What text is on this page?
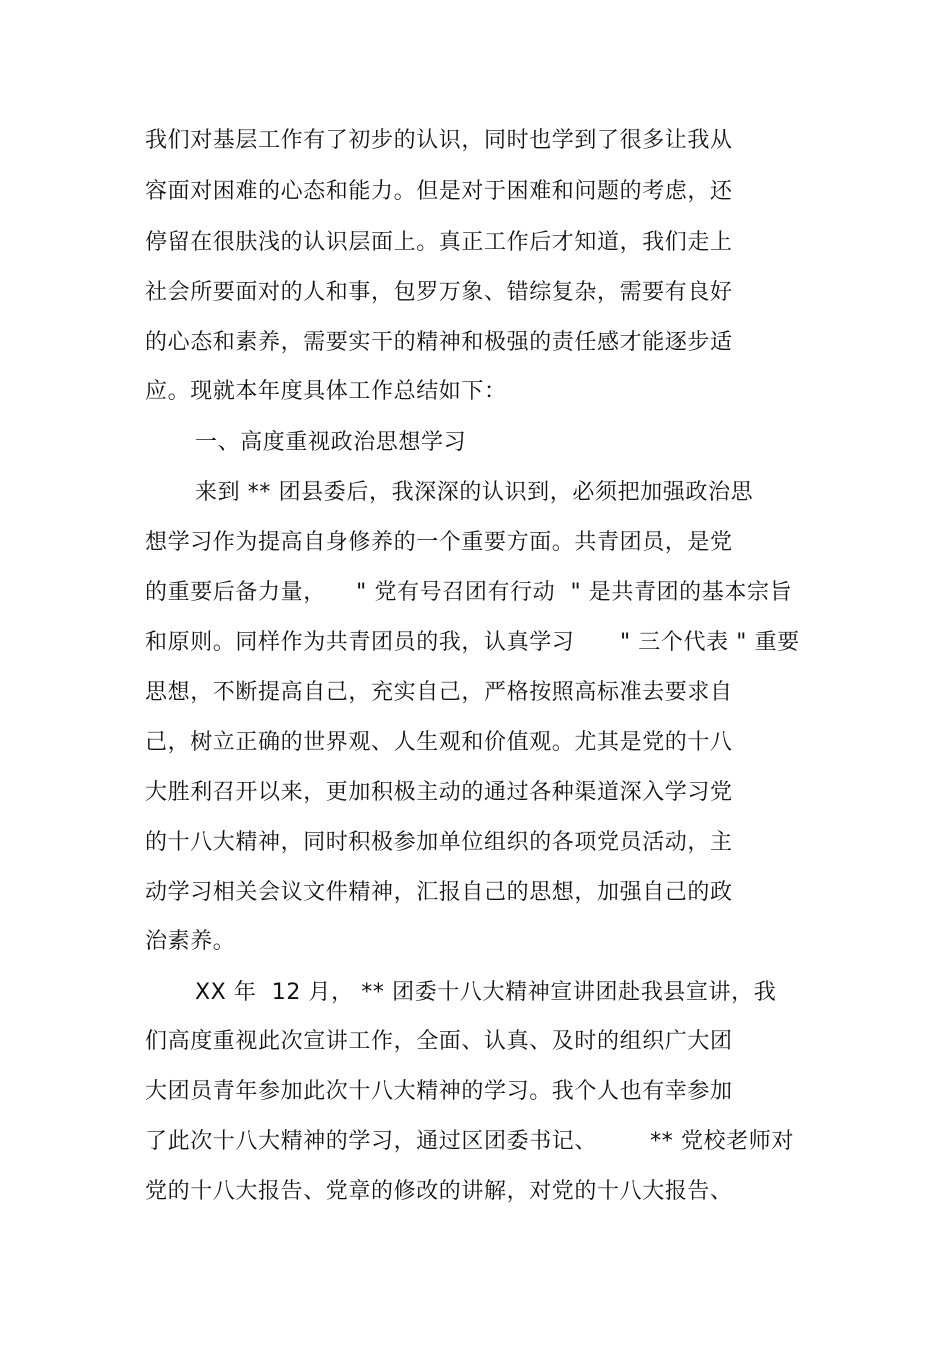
我们对基层工作有了初步的认识，同时也学到了很多让我从
容面对困难的心态和能力。但是对于困难和问题的考虑，还
停留在很肤浅的认识层面上。真正工作后才知道，我们走上
社会所要面对的人和事，包罗万象、错综复杂，需要有良好
的心态和素养，需要实干的精神和极强的责任感才能逐步适
应。现就本年度具体工作总结如下：
一、高度重视政治思想学习
来到 ** 团县委后，我深深的认识到，必须把加强政治思
想学习作为提高自身修养的一个重要方面。共青团员，是党
的重要后备力量，    " 党有号召团有行动  " 是共青团的基本宗旨
和原则。同样作为共青团员的我，认真学习      " 三个代表 " 重要
思想，不断提高自己，充实自己，严格按照高标准去要求自
己，树立正确的世界观、人生观和价值观。尤其是党的十八
大胜利召开以来，更加积极主动的通过各种渠道深入学习党
的十八大精神，同时积极参加单位组织的各项党员活动，主
动学习相关会议文件精神，汇报自己的思想，加强自己的政
治素养。
XX 年  12 月， ** 团委十八大精神宣讲团赴我县宣讲，我
们高度重视此次宣讲工作，全面、认真、及时的组织广大团
大团员青年参加此次十八大精神的学习。我个人也有幸参加
了此次十八大精神的学习，通过区团委书记、       ** 党校老师对
党的十八大报告、党章的修改的讲解，对党的十八大报告、
